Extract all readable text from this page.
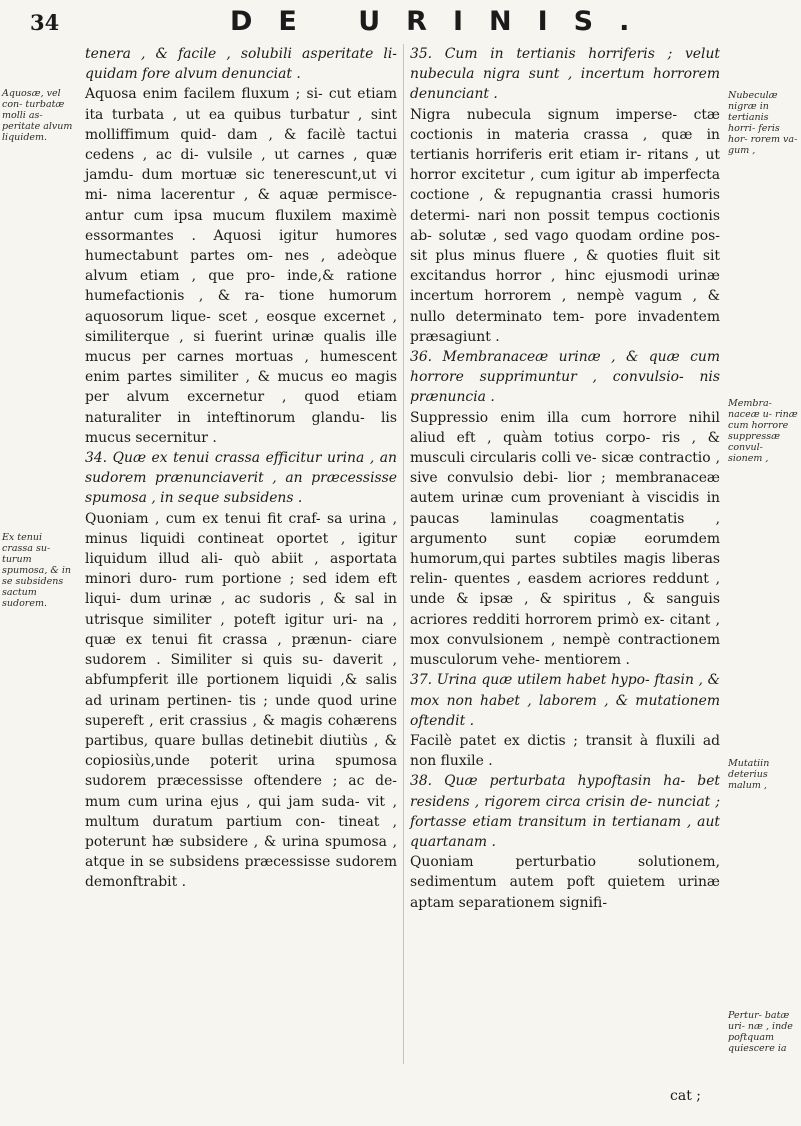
34	DE URINIS.
Aquosæ, vel con- turbatæ molli as- peritate alvum liquidem.
Ex tenui crassa su- turum spumosa, & in se subsidens sactum sudorem.

tenera , & facile , solubili asperitate li- quidam fore alvum denunciat .

Aquosa enim facilem fluxum ; si- cut etiam ita turbata , ut ea quibus turbatur , sint molliffimum quid- dam , & facilè tactui cedens , ac di- vulsile , ut carnes , quæ jamdu- dum mortuæ sic tenerescunt,ut vi mi- nima lacerentur , & aquæ permisce- antur cum ipsa mucum fluxilem maximè essormantes . Aquosi igitur humores humectabunt partes om- nes , adeòque alvum etiam , que pro- inde,& ratione humefactionis , & ra- tione humorum aquosorum lique- scet , eosque excernet , similiterque , si fuerint urinæ qualis ille mucus per carnes mortuas , humescent enim partes similiter , & mucus eo magis per alvum excernetur , quod etiam naturaliter in inteftinorum glandu- lis mucus secernitur .

34. Quæ ex tenui crassa efficitur urina , an sudorem prænunciaverit , an præcessisse spumosa , in seque subsidens .

Quoniam , cum ex tenui fit craf- sa urina , minus liquidi contineat oportet , igitur liquidum illud ali- quò abiit , asportata minori duro- rum portione ; sed idem eft liqui- dum urinæ , ac sudoris , & sal in utrisque similiter , poteft igitur uri- na , quæ ex tenui fit crassa , prænun- ciare sudorem . Similiter si quis su- daverit , abfumpferit ille portionem liquidi ,& salis ad urinam pertinen- tis ; unde quod urine supereft , erit crassius , & magis cohærens partibus, quare bullas detinebit diutiùs , & copiosiùs,unde poterit urina spumosa sudorem præcessisse oftendere ; ac de- mum cum urina ejus , qui jam suda- vit , multum duratum partium con- tineat , poterunt hæ subsidere , & urina spumosa , atque in se subsidens præcessisse sudorem demonftrabit .

35. Cum in tertianis horriferis ; velut nubecula nigra sunt , incertum horrorem denunciant .

Nigra nubecula signum imperse- ctæ coctionis in materia crassa , quæ in tertianis horriferis erit etiam ir- ritans , ut horror excitetur , cum igitur ab imperfecta coctione , & repugnantia crassi humoris determi- nari non possit tempus coctionis ab- solutæ , sed vago quodam ordine pos- sit plus minus fluere , & quoties fluit sit excitandus horror , hinc ejusmodi urinæ incertum horrorem , nempè vagum , & nullo determinato tem- pore invadentem præsagiunt .

36. Membranaceæ urinæ , & quæ cum horrore supprimuntur , convulsio- nis prænuncia .

Suppressio enim illa cum horrore nihil aliud eft , quàm totius corpo- ris , & musculi circularis colli ve- sicæ contractio , sive convulsio debi- lior ; membranaceæ autem urinæ cum proveniant à viscidis in paucas laminulas coagmentatis , argumento sunt copiæ eorumdem humorum,qui partes subtiles magis liberas relin- quentes , easdem acriores reddunt , unde & ipsæ , & spiritus , & sanguis acriores redditi horrorem primò ex- citant , mox convulsionem , nempè contractionem musculorum vehe- mentiorem .

37. Urina quæ utilem habet hypo- ftasin , & mox non habet , laborem , & mutationem oftendit .

Facilè patet ex dictis ; transit à fluxili ad non fluxile .

38. Quæ perturbata hypoftasin ha- bet residens , rigorem circa crisin de- nunciat ; fortasse etiam transitum in tertianam , aut quartanam .

Quoniam perturbatio solutionem, sedimentum autem poft quietem urinæ aptam separationem signifi-

cat ;
Nubeculæ nigræ in tertianis horri- feris hor- rorem va- gum ,
Membra- naceæ u- rinæ cum horrore suppressæ convul- sionem ,
Mutatiin deterius malum ,
Pertur- batæ uri- næ , inde poftquam quiescere ia
